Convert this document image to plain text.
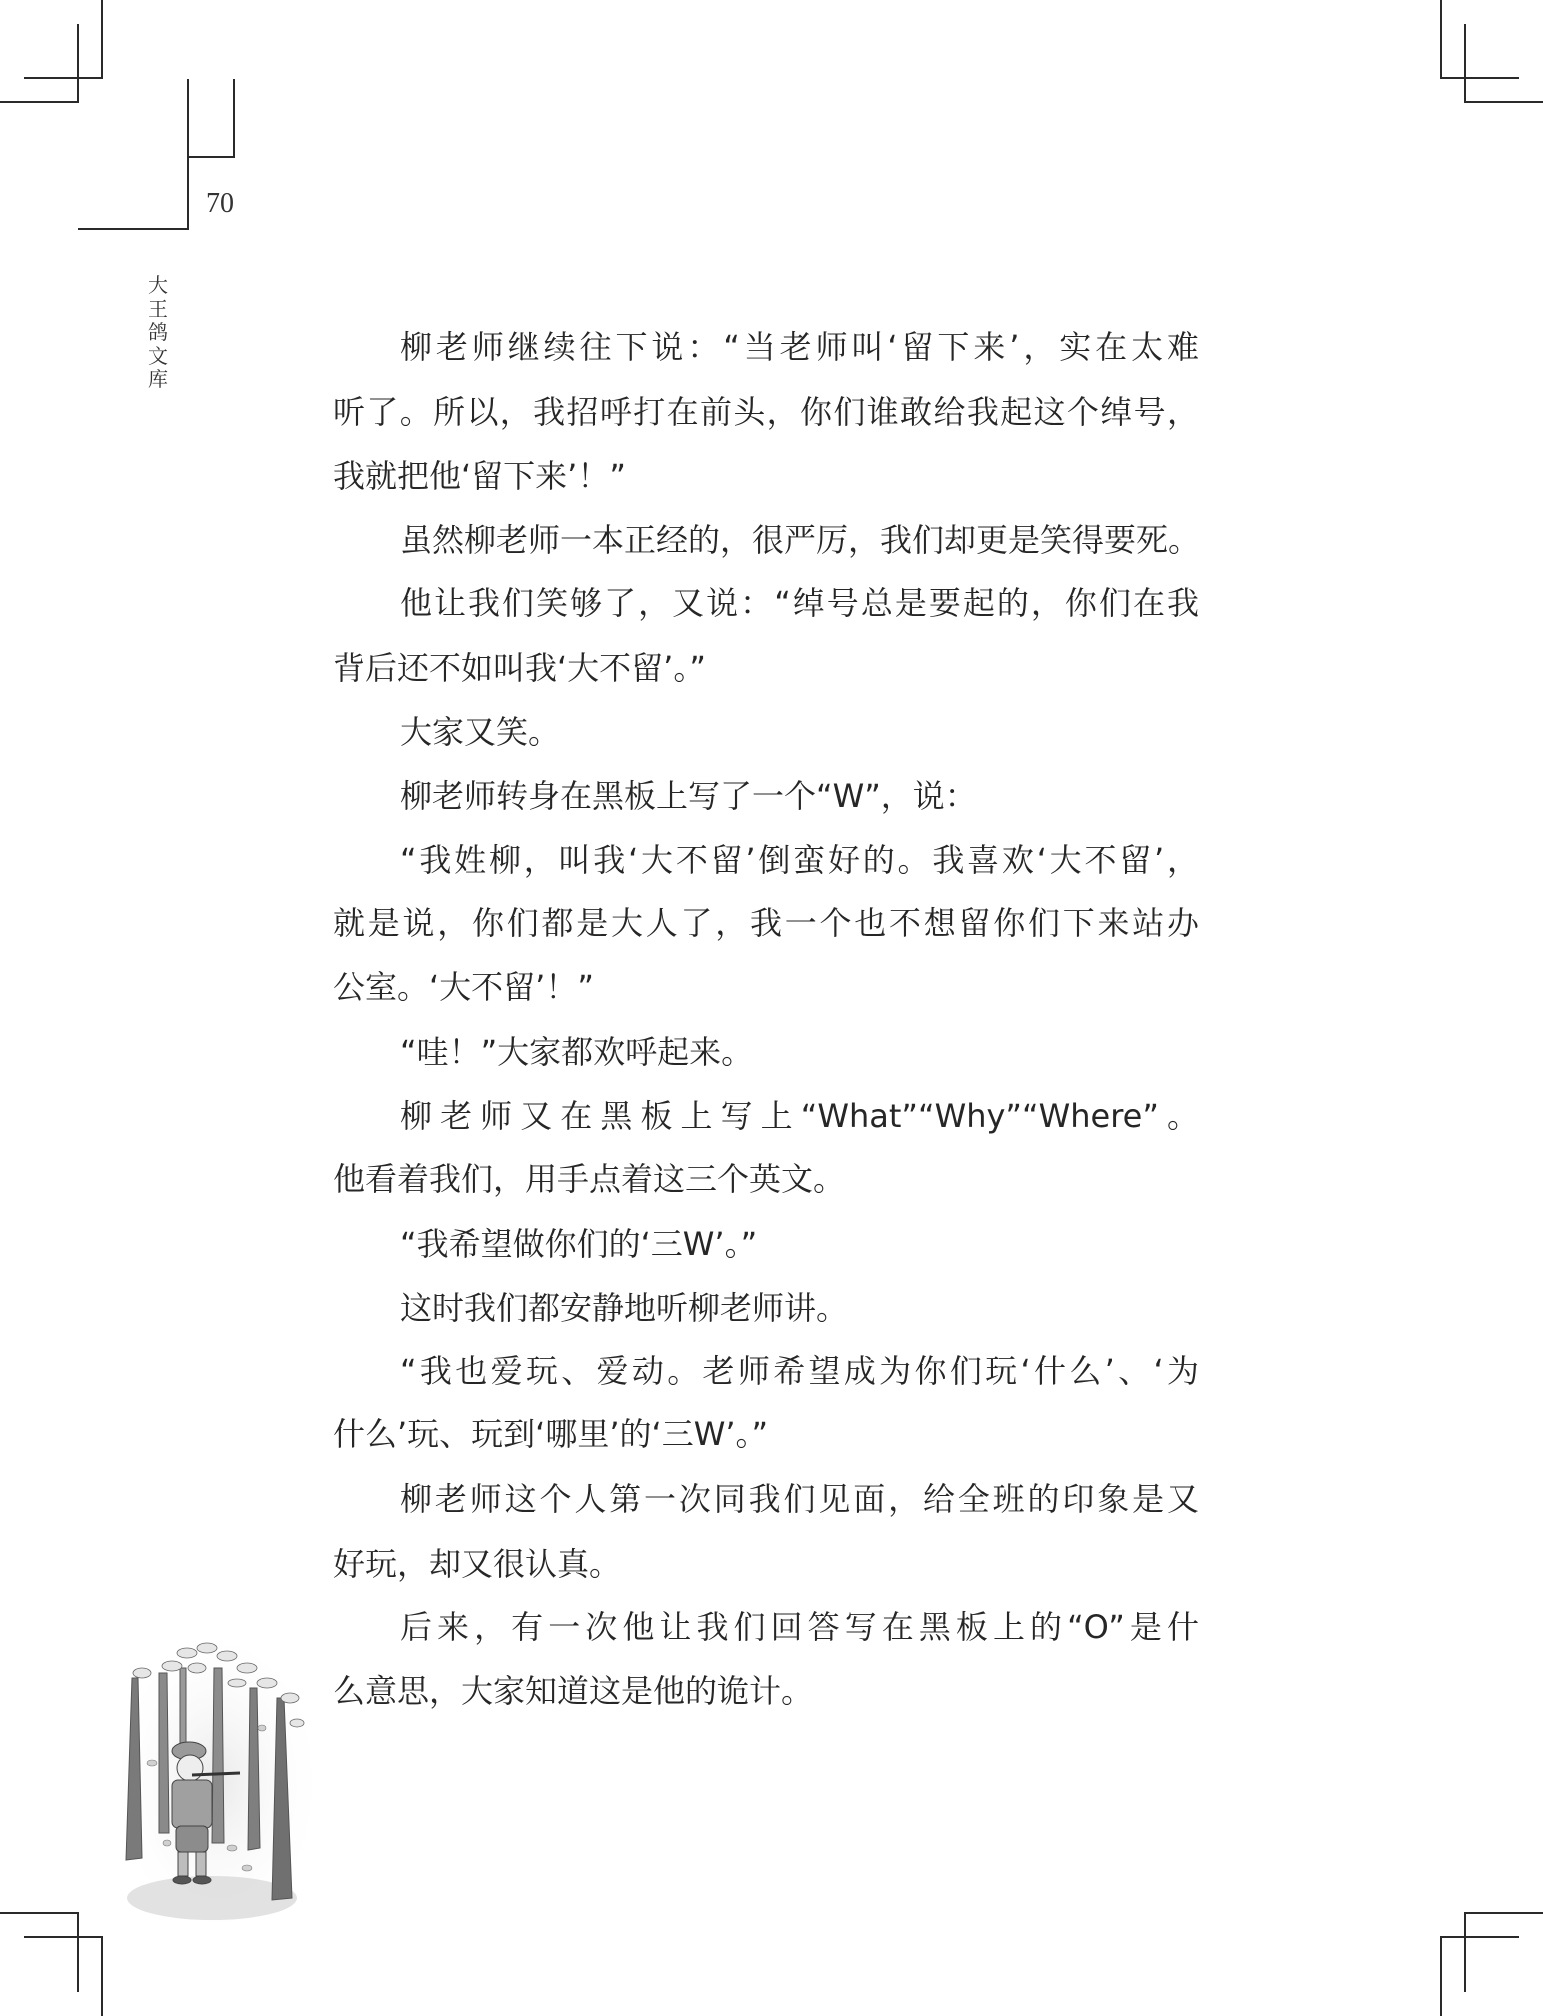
70
大
王
鸽
文
库
柳老师继续往下说：“当老师叫‘留下来’，实在太难
听了。所以，我招呼打在前头，你们谁敢给我起这个绰号，
我就把他‘留下来’！”
虽然柳老师一本正经的，很严厉，我们却更是笑得要死。
他让我们笑够了，又说：“绰号总是要起的，你们在我
背后还不如叫我‘大不留’。”
大家又笑。
柳老师转身在黑板上写了一个“W”，说：
“我姓柳，叫我‘大不留’倒蛮好的。我喜欢‘大不留’，
就是说，你们都是大人了，我一个也不想留你们下来站办
公室。‘大不留’！”
“哇！”大家都欢呼起来。
柳老师又在黑板上写上“What”“Why”“Where”。
他看着我们，用手点着这三个英文。
“我希望做你们的‘三W’。”
这时我们都安静地听柳老师讲。
“我也爱玩、爱动。老师希望成为你们玩‘什么’、‘为
什么’玩、玩到‘哪里’的‘三W’。”
柳老师这个人第一次同我们见面，给全班的印象是又
好玩，却又很认真。
后来，有一次他让我们回答写在黑板上的“O”是什
么意思，大家知道这是他的诡计。
